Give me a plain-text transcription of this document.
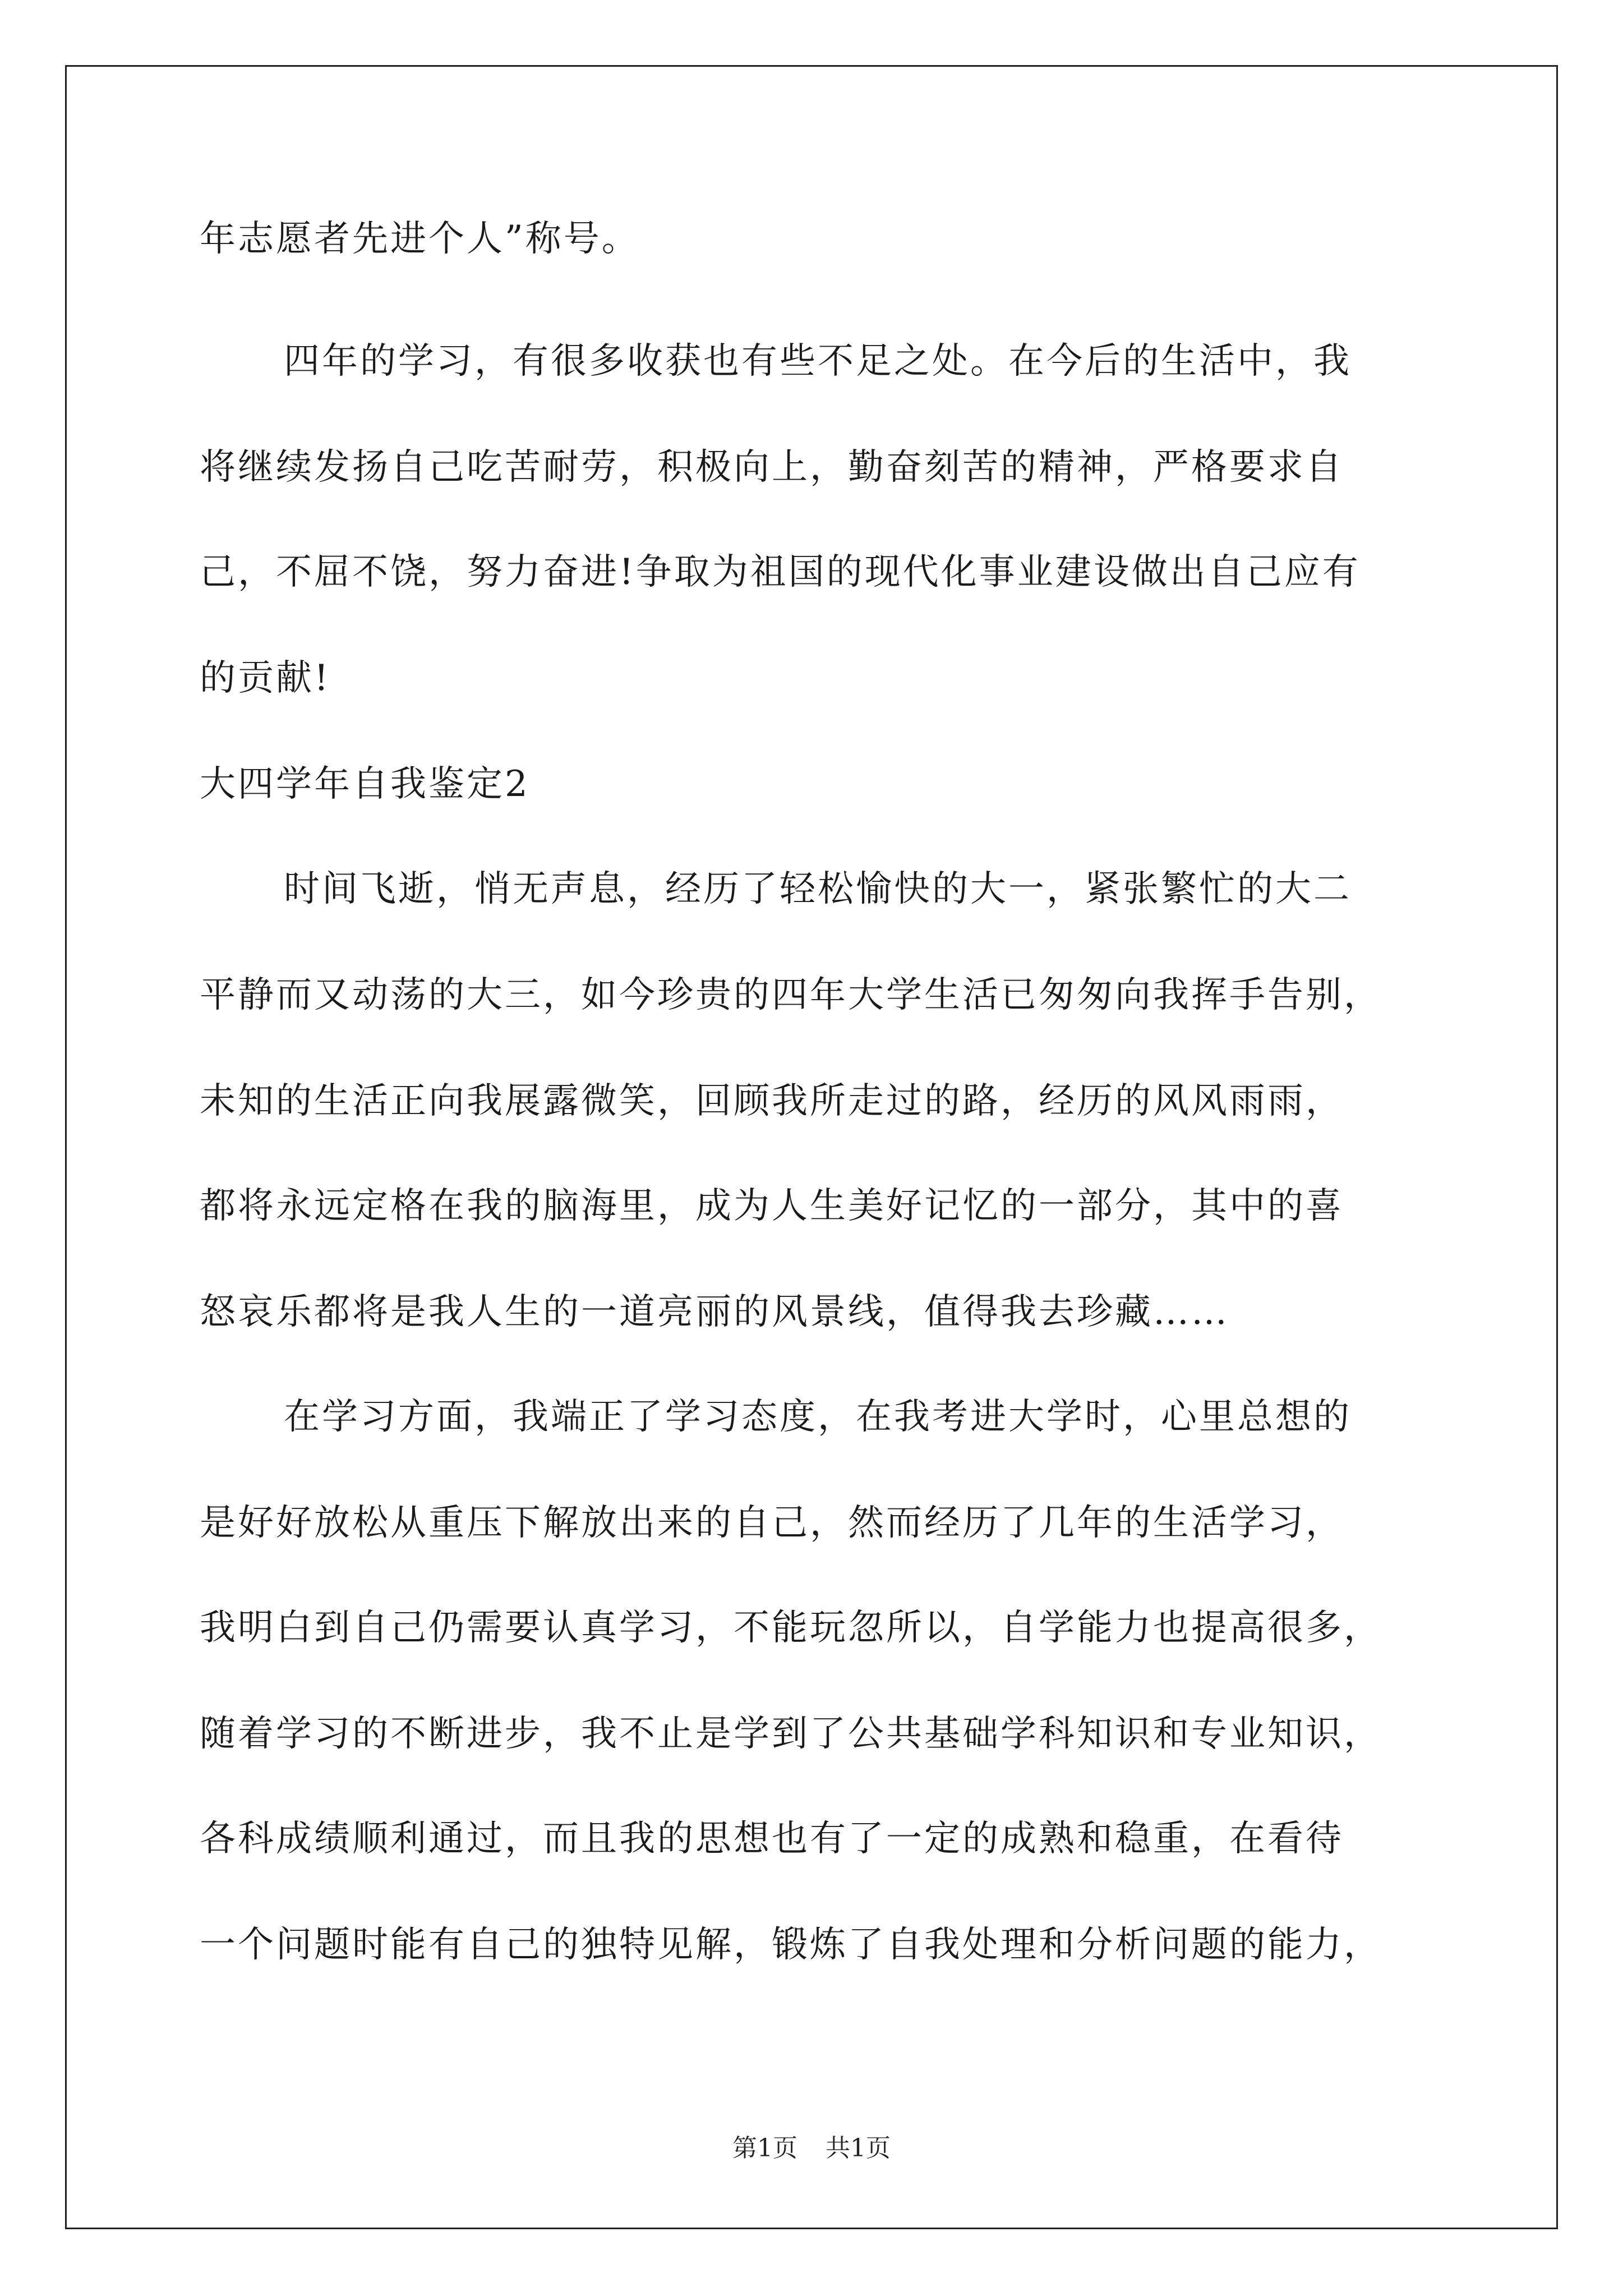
年志愿者先进个人”称号。
四年的学习，有很多收获也有些不足之处。在今后的生活中，我
将继续发扬自己吃苦耐劳，积极向上，勤奋刻苦的精神，严格要求自
己，不屈不饶，努力奋进!争取为祖国的现代化事业建设做出自己应有
的贡献!
大四学年自我鉴定2
时间飞逝，悄无声息，经历了轻松愉快的大一，紧张繁忙的大二
平静而又动荡的大三，如今珍贵的四年大学生活已匆匆向我挥手告别，
未知的生活正向我展露微笑，回顾我所走过的路，经历的风风雨雨，
都将永远定格在我的脑海里，成为人生美好记忆的一部分，其中的喜
怒哀乐都将是我人生的一道亮丽的风景线，值得我去珍藏……
在学习方面，我端正了学习态度，在我考进大学时，心里总想的
是好好放松从重压下解放出来的自己，然而经历了几年的生活学习，
我明白到自己仍需要认真学习，不能玩忽所以，自学能力也提高很多，
随着学习的不断进步，我不止是学到了公共基础学科知识和专业知识，
各科成绩顺利通过，而且我的思想也有了一定的成熟和稳重，在看待
一个问题时能有自己的独特见解，锻炼了自我处理和分析问题的能力，
第1页 共1页
